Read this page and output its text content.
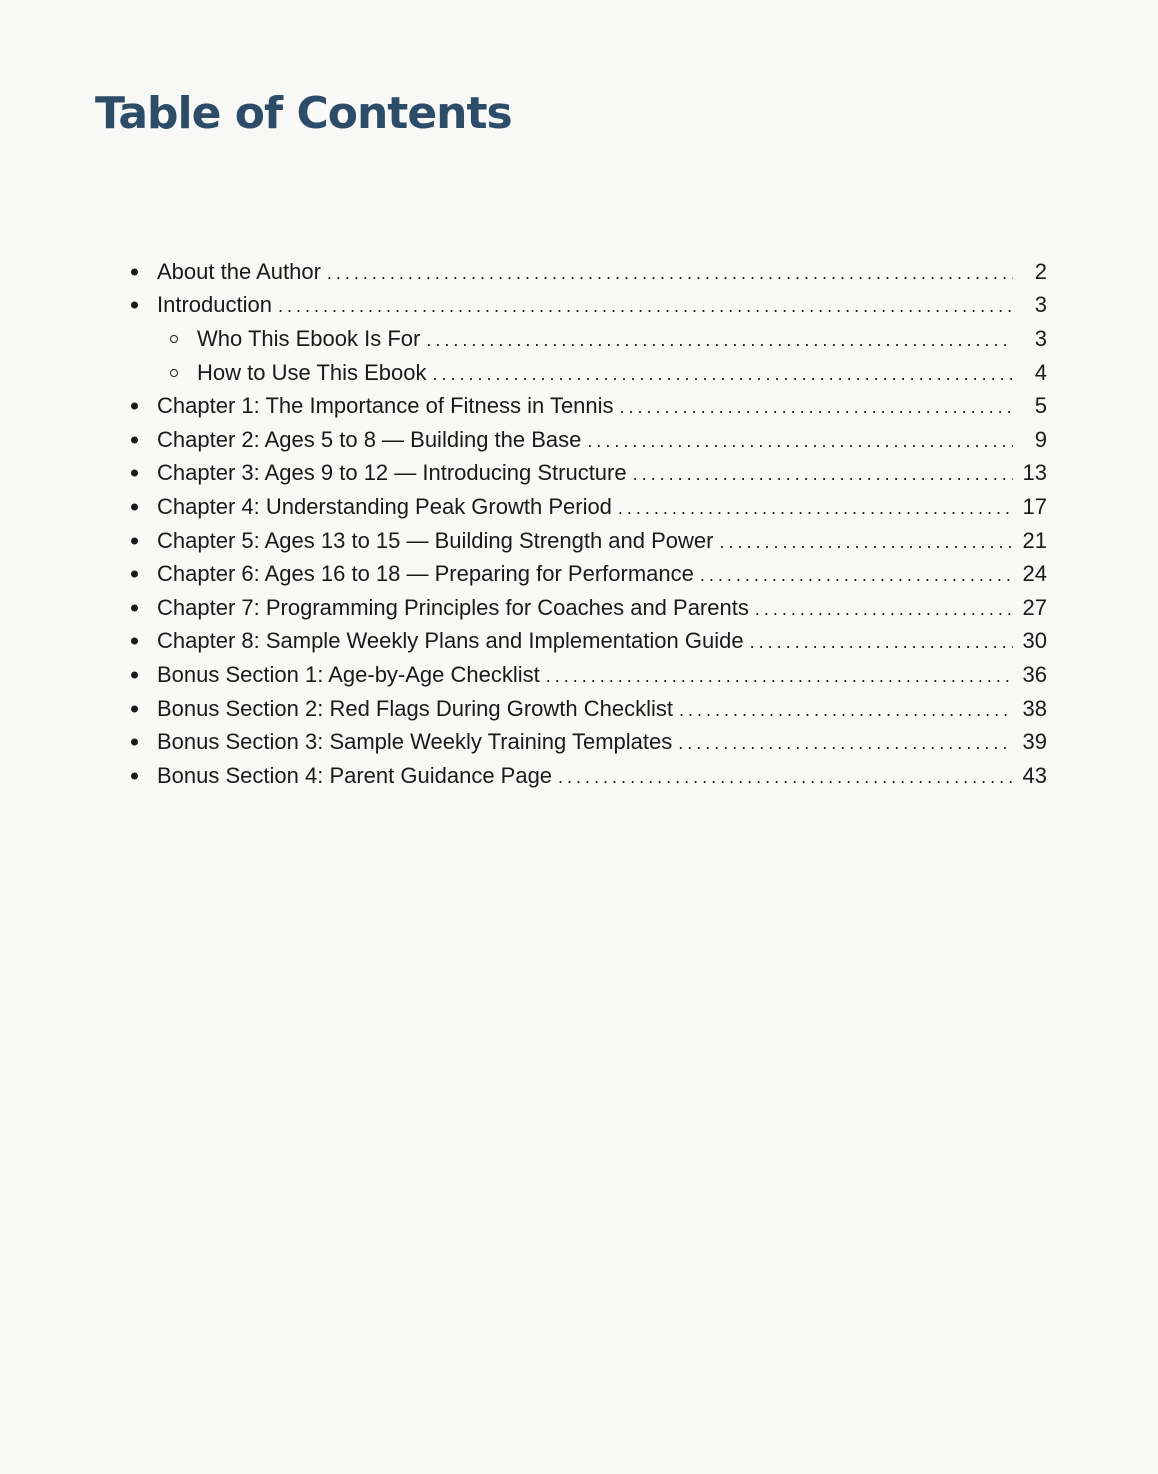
Table of Contents
About the Author . . .	2
Introduction . . .	3
Who This Ebook Is For . . .	3
How to Use This Ebook . . .	4
Chapter 1: The Importance of Fitness in Tennis . . .	5
Chapter 2: Ages 5 to 8 — Building the Base . . .	9
Chapter 3: Ages 9 to 12 — Introducing Structure . . .	13
Chapter 4: Understanding Peak Growth Period . . .	17
Chapter 5: Ages 13 to 15 — Building Strength and Power . . .	21
Chapter 6: Ages 16 to 18 — Preparing for Performance . . .	24
Chapter 7: Programming Principles for Coaches and Parents . . .	27
Chapter 8: Sample Weekly Plans and Implementation Guide . . .	30
Bonus Section 1: Age-by-Age Checklist . . .	36
Bonus Section 2: Red Flags During Growth Checklist . . .	38
Bonus Section 3: Sample Weekly Training Templates . . .	39
Bonus Section 4: Parent Guidance Page . . .	43
